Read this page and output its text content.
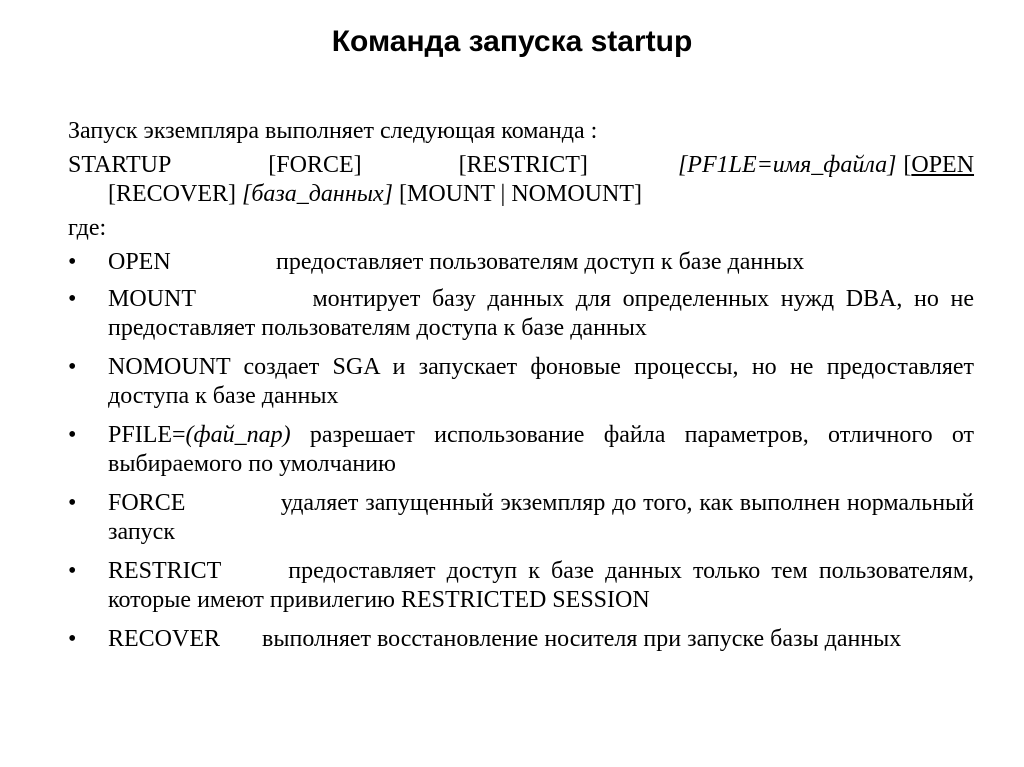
Команда запуска startup
Запуск экземпляра выполняет следующая команда :
STARTUP	[FORCE]	[RESTRICT]	[PF1LE=имя_файла] [OPEN [RECOVER] [база_данных] [MOUNT | NOMOUNT]
где:
•	OPEN	предоставляет пользователям доступ к базе данных
•	MOUNT	монтирует базу данных для определенных нужд DBA, но не предоставляет пользователям доступа к базе данных
•	NOMOUNT создает SGA и запускает фоновые процессы, но не предоставляет доступа к базе данных
•	PFILE=(фай_пар) разрешает использование файла параметров, отличного от выбираемого по умолчанию
•	FORCE	удаляет запущенный экземпляр до того, как выполнен нормальный запуск
•	RESTRICT	предоставляет доступ к базе данных только тем пользователям, которые имеют привилегию RESTRICTED SESSION
•	RECOVER выполняет восстановление носителя при запуске базы данных
